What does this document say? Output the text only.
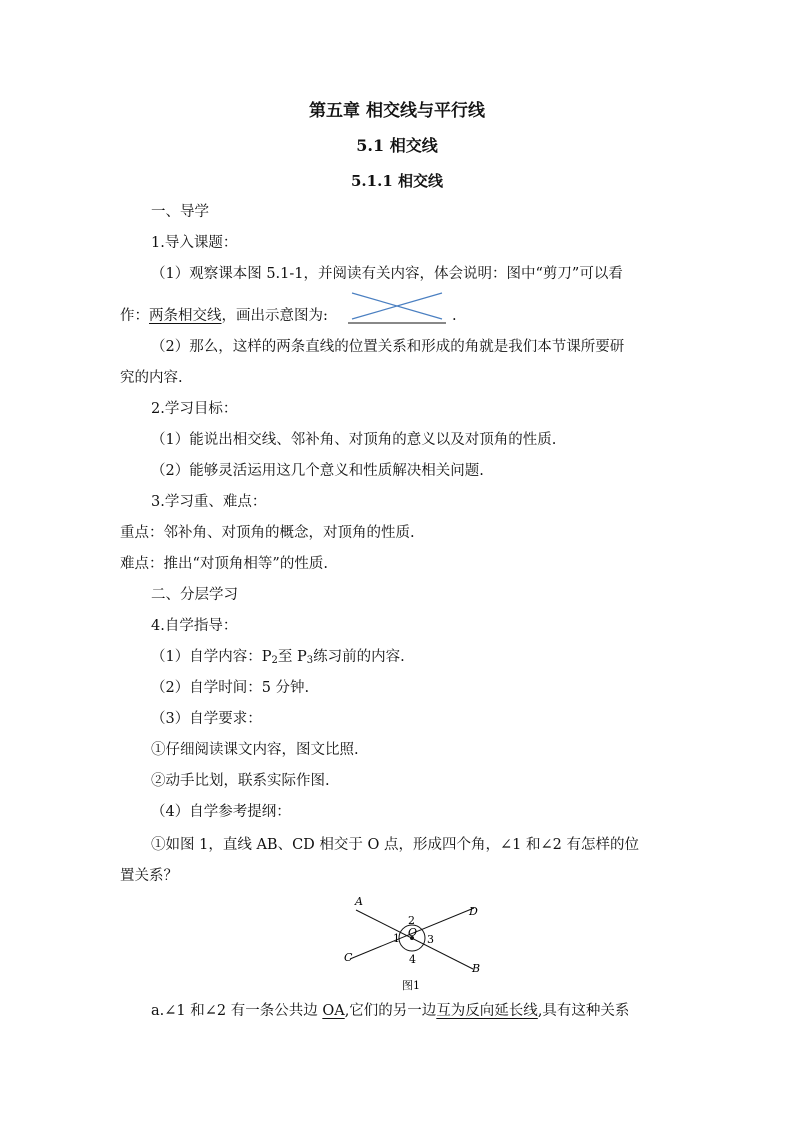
第五章 相交线与平行线
5.1 相交线
5.1.1 相交线
一、导学
1.导入课题：
（1）观察课本图 5.1-1，并阅读有关内容，体会说明：图中“剪刀”可以看
作：两条相交线，画出示意图为:	.
（2）那么，这样的两条直线的位置关系和形成的角就是我们本节课所要研
究的内容.
2.学习目标：
（1）能说出相交线、邻补角、对顶角的意义以及对顶角的性质.
（2）能够灵活运用这几个意义和性质解决相关问题.
3.学习重、难点：
重点：邻补角、对顶角的概念，对顶角的性质.
难点：推出“对顶角相等”的性质.
二、分层学习
4.自学指导：
（1）自学内容：$P_2$至 $P_3$练习前的内容.
（2）自学时间：5 分钟.
（3）自学要求：
①仔细阅读课文内容，图文比照.
②动手比划，联系实际作图.
（4）自学参考提纲：
①如图 1，直线 AB、CD 相交于 O 点，形成四个角，∠1 和∠2 有怎样的位
置关系？
A
D
C
B
O
2
1 3
4
图1
a.∠1 和∠2 有一条公共边 OA,它们的另一边互为反向延长线,具有这种关系
